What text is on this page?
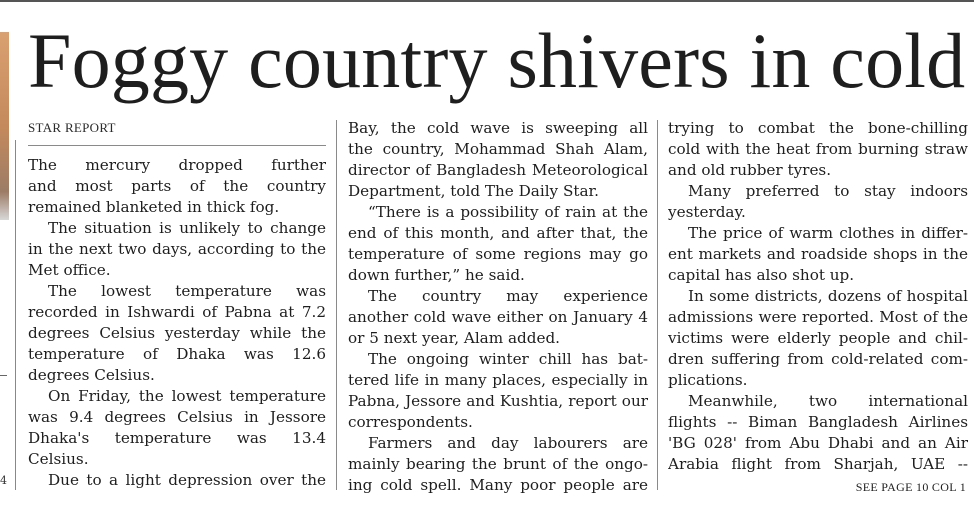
4
Foggy country shivers in cold
STAR REPORT
The mercury dropped further
and most parts of the country
remained blanketed in thick fog.
The situation is unlikely to change
in the next two days, according to the
Met office.
The lowest temperature was
recorded in Ishwardi of Pabna at 7.2
degrees Celsius yesterday while the
temperature of Dhaka was 12.6
degrees Celsius.
On Friday, the lowest temperature
was 9.4 degrees Celsius in Jessore
Dhaka's temperature was 13.4
Celsius.
Due to a light depression over the
Bay, the cold wave is sweeping all
the country, Mohammad Shah Alam,
director of Bangladesh Meteorological
Department, told The Daily Star.
“There is a possibility of rain at the
end of this month, and after that, the
temperature of some regions may go
down further,” he said.
The country may experience
another cold wave either on January 4
or 5 next year, Alam added.
The ongoing winter chill has bat-
tered life in many places, especially in
Pabna, Jessore and Kushtia, report our
correspondents.
Farmers and day labourers are
mainly bearing the brunt of the ongo-
ing cold spell. Many poor people are
trying to combat the bone-chilling
cold with the heat from burning straw
and old rubber tyres.
Many preferred to stay indoors
yesterday.
The price of warm clothes in differ-
ent markets and roadside shops in the
capital has also shot up.
In some districts, dozens of hospital
admissions were reported. Most of the
victims were elderly people and chil-
dren suffering from cold-related com-
plications.
Meanwhile, two international
flights -- Biman Bangladesh Airlines
'BG 028' from Abu Dhabi and an Air
Arabia flight from Sharjah, UAE --
SEE PAGE 10 COL 1
